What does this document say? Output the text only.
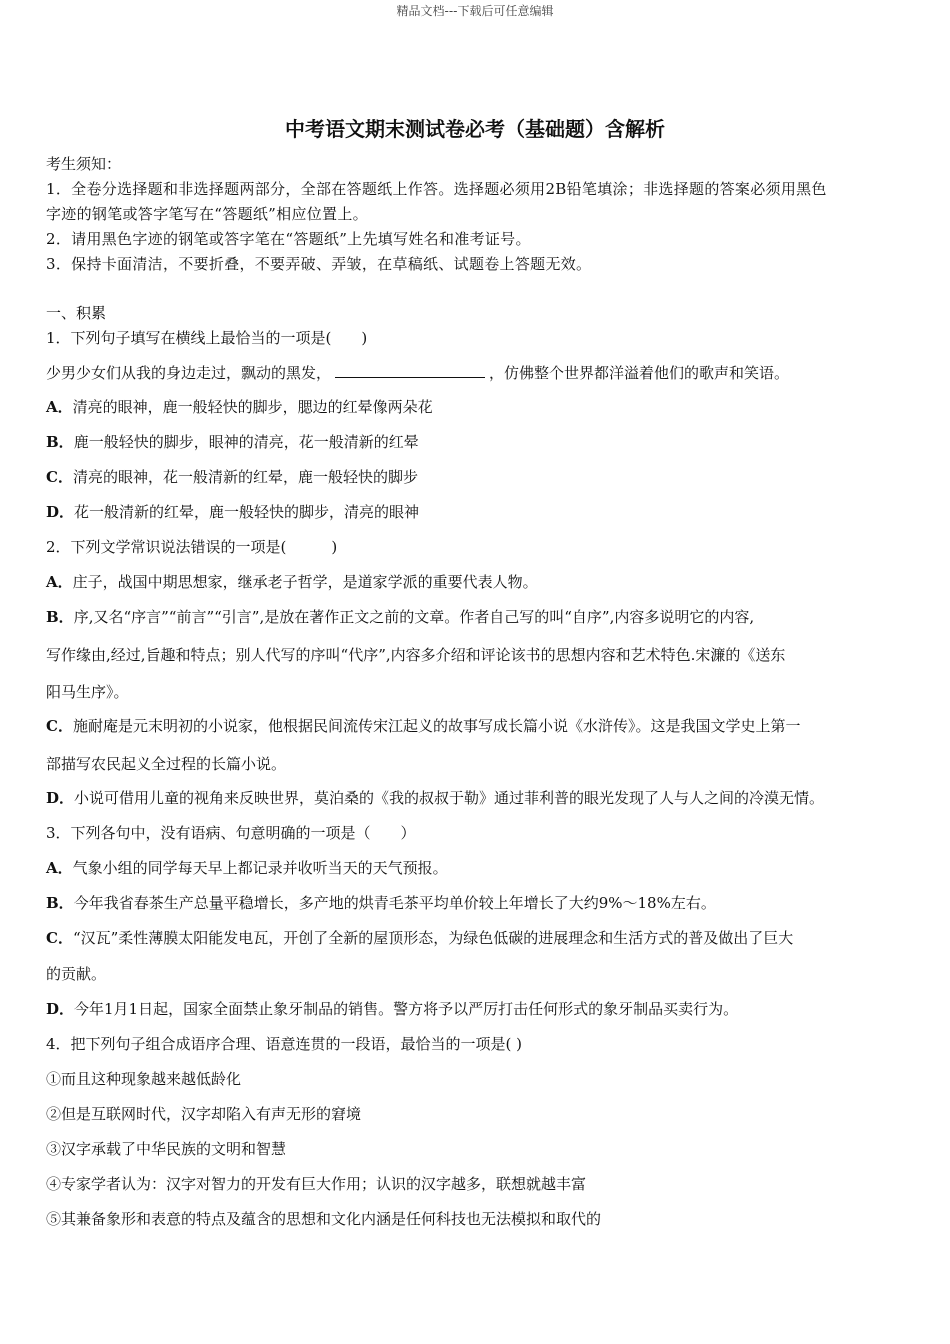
精品文档---下载后可任意编辑
中考语文期末测试卷必考（基础题）含解析
考生须知：
1．全卷分选择题和非选择题两部分，全部在答题纸上作答。选择题必须用2B铅笔填涂；非选择题的答案必须用黑色
字迹的钢笔或答字笔写在“答题纸”相应位置上。
2．请用黑色字迹的钢笔或答字笔在“答题纸”上先填写姓名和准考证号。
3．保持卡面清洁，不要折叠，不要弄破、弄皱，在草稿纸、试题卷上答题无效。
一、积累
1．下列句子填写在横线上最恰当的一项是(　　)
少男少女们从我的身边走过，飘动的黑发，	，仿佛整个世界都洋溢着他们的歌声和笑语。
A．清亮的眼神，鹿一般轻快的脚步，腮边的红晕像两朵花
B．鹿一般轻快的脚步，眼神的清亮，花一般清新的红晕
C．清亮的眼神，花一般清新的红晕，鹿一般轻快的脚步
D．花一般清新的红晕，鹿一般轻快的脚步，清亮的眼神
2．下列文学常识说法错误的一项是(　　　)
A．庄子，战国中期思想家，继承老子哲学，是道家学派的重要代表人物。
B．序,又名“序言”“前言”“引言”,是放在著作正文之前的文章。作者自己写的叫“自序”,内容多说明它的内容,
写作缘由,经过,旨趣和特点；别人代写的序叫“代序”,内容多介绍和评论该书的思想内容和艺术特色.宋濂的《送东
阳马生序》。
C．施耐庵是元末明初的小说家，他根据民间流传宋江起义的故事写成长篇小说《水浒传》。这是我国文学史上第一
部描写农民起义全过程的长篇小说。
D．小说可借用儿童的视角来反映世界，莫泊桑的《我的叔叔于勒》通过菲利普的眼光发现了人与人之间的冷漠无情。
3．下列各句中，没有语病、句意明确的一项是（　　）
A．气象小组的同学每天早上都记录并收听当天的天气预报。
B．今年我省春茶生产总量平稳增长，多产地的烘青毛茶平均单价较上年增长了大约9%～18%左右。
C．“汉瓦”柔性薄膜太阳能发电瓦，开创了全新的屋顶形态，为绿色低碳的进展理念和生活方式的普及做出了巨大
的贡献。
D．今年1月1日起，国家全面禁止象牙制品的销售。警方将予以严厉打击任何形式的象牙制品买卖行为。
4．把下列句子组合成语序合理、语意连贯的一段语，最恰当的一项是( )
①而且这种现象越来越低龄化
②但是互联网时代，汉字却陷入有声无形的窘境
③汉字承载了中华民族的文明和智慧
④专家学者认为：汉字对智力的开发有巨大作用；认识的汉字越多，联想就越丰富
⑤其兼备象形和表意的特点及蕴含的思想和文化内涵是任何科技也无法模拟和取代的
